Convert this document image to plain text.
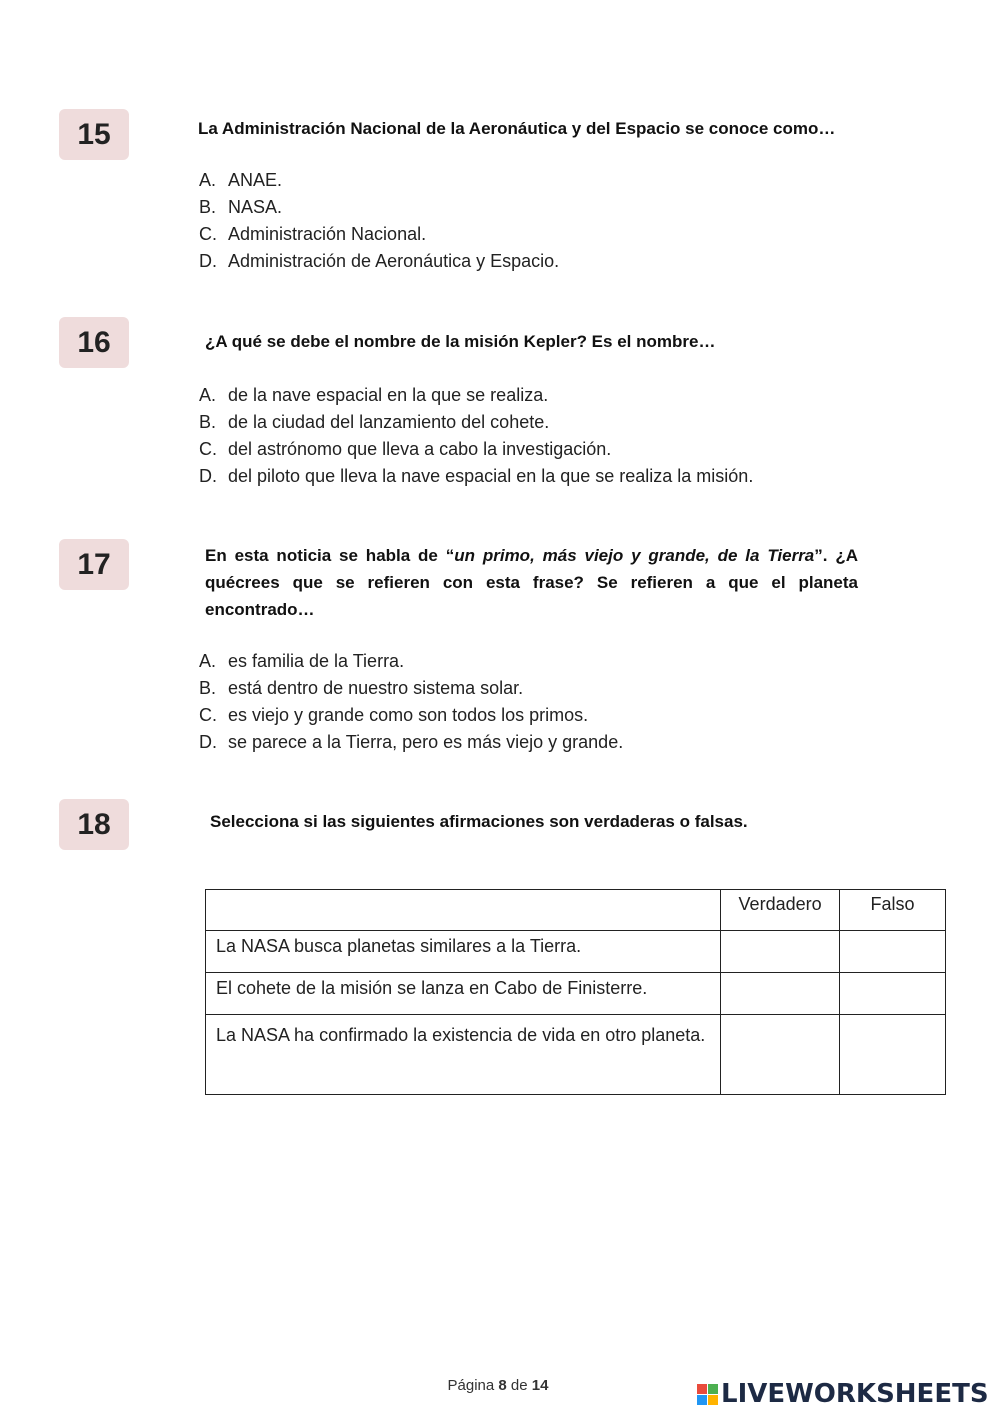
15	La Administración Nacional de la Aeronáutica y del Espacio se conoce como…
A. ANAE.
B. NASA.
C. Administración Nacional.
D. Administración de Aeronáutica y Espacio.
16	¿A qué se debe el nombre de la misión Kepler? Es el nombre…
A. de la nave espacial en la que se realiza.
B. de la ciudad del lanzamiento del cohete.
C. del astrónomo que lleva a cabo la investigación.
D. del piloto que lleva la nave espacial en la que se realiza la misión.
17	En esta noticia se habla de “un primo, más viejo y grande, de la Tierra”. ¿A quécrees que se refieren con esta frase? Se refieren a que el planeta encontrado…
A. es familia de la Tierra.
B. está dentro de nuestro sistema solar.
C. es viejo y grande como son todos los primos.
D. se parece a la Tierra, pero es más viejo y grande.
18	Selecciona si las siguientes afirmaciones son verdaderas o falsas.
	Verdadero	Falso
La NASA busca planetas similares a la Tierra.		
El cohete de la misión se lanza en Cabo de Finisterre.		
La NASA ha confirmado la existencia de vida en otro planeta.		
Página 8 de 14	LIVEWORKSHEETS
